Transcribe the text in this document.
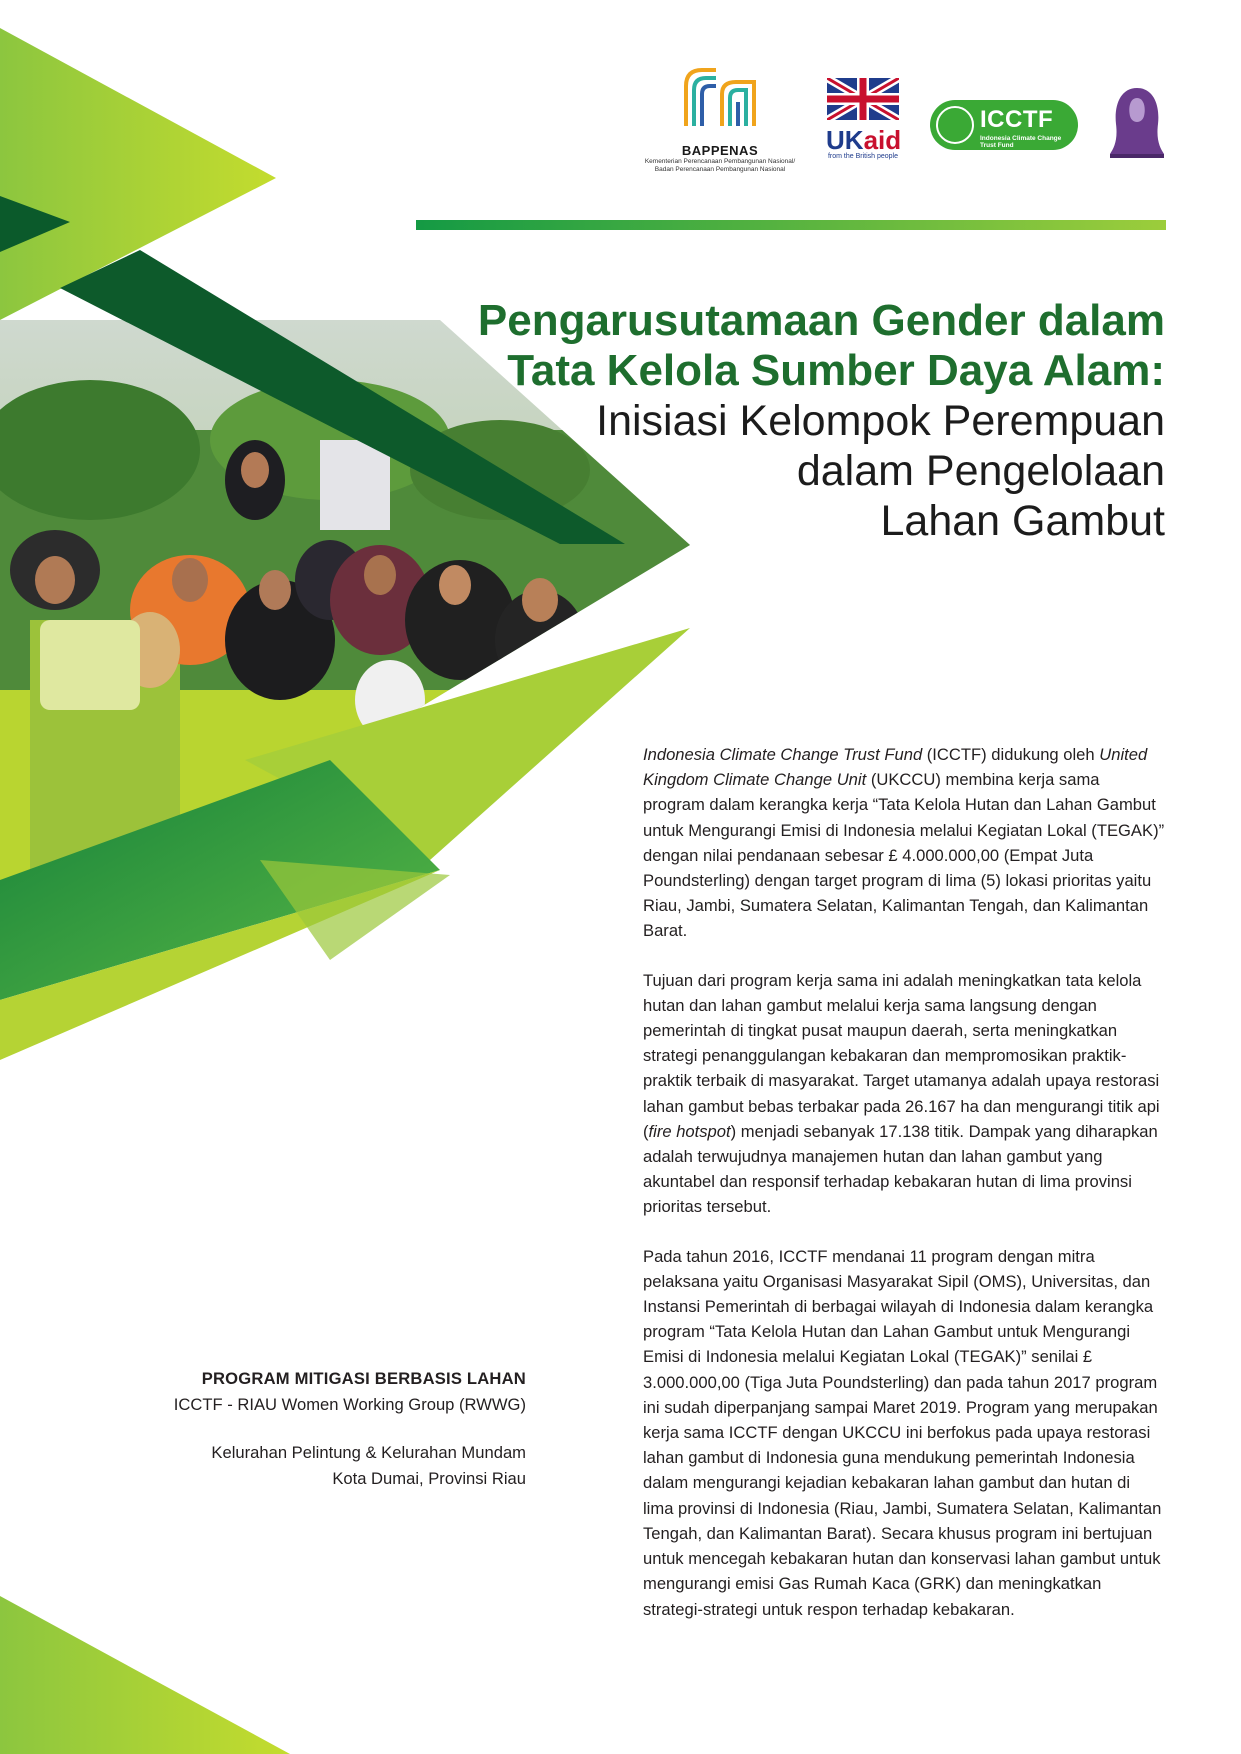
BAPPENAS
Kementerian Perencanaan Pembangunan Nasional/
Badan Perencanaan Pembangunan Nasional
UKaid
from the British people
ICCTF
Indonesia Climate Change Trust Fund
Pengarusutamaan Gender dalam
Tata Kelola Sumber Daya Alam:
Inisiasi Kelompok Perempuan
dalam Pengelolaan
Lahan Gambut

Indonesia Climate Change Trust Fund (ICCTF) didukung oleh United Kingdom Climate Change Unit (UKCCU) membina kerja sama program dalam kerangka kerja “Tata Kelola Hutan dan Lahan Gambut untuk Mengurangi Emisi di Indonesia melalui Kegiatan Lokal (TEGAK)” dengan nilai pendanaan sebesar £ 4.000.000,00 (Empat Juta Poundsterling) dengan target program di lima (5) lokasi prioritas yaitu Riau, Jambi, Sumatera Selatan, Kalimantan Tengah, dan Kalimantan Barat.

Tujuan dari program kerja sama ini adalah meningkatkan tata kelola hutan dan lahan gambut melalui kerja sama langsung dengan pemerintah di tingkat pusat maupun daerah, serta meningkatkan strategi penanggulangan kebakaran dan mempromosikan praktik-praktik terbaik di masyarakat. Target utamanya adalah upaya restorasi lahan gambut bebas terbakar pada 26.167 ha dan mengurangi titik api (fire hotspot) menjadi sebanyak 17.138 titik. Dampak yang diharapkan adalah terwujudnya manajemen hutan dan lahan gambut yang akuntabel dan responsif terhadap kebakaran hutan di lima provinsi prioritas tersebut.

Pada tahun 2016, ICCTF mendanai 11 program dengan mitra pelaksana yaitu Organisasi Masyarakat Sipil (OMS), Universitas, dan Instansi Pemerintah di berbagai wilayah di Indonesia dalam kerangka program “Tata Kelola Hutan dan Lahan Gambut untuk Mengurangi Emisi di Indonesia melalui Kegiatan Lokal (TEGAK)” senilai £ 3.000.000,00 (Tiga Juta Poundsterling) dan pada tahun 2017 program ini sudah diperpanjang sampai Maret 2019. Program yang merupakan kerja sama ICCTF dengan UKCCU ini berfokus pada upaya restorasi lahan gambut di Indonesia guna mendukung pemerintah Indonesia dalam mengurangi kejadian kebakaran lahan gambut dan hutan di lima provinsi di Indonesia (Riau, Jambi, Sumatera Selatan, Kalimantan Tengah, dan Kalimantan Barat). Secara khusus program ini bertujuan untuk mencegah kebakaran hutan dan konservasi lahan gambut untuk mengurangi emisi Gas Rumah Kaca (GRK) dan meningkatkan strategi-strategi untuk respon terhadap kebakaran.

PROGRAM MITIGASI BERBASIS LAHAN
ICCTF - RIAU Women Working Group (RWWG)
Kelurahan Pelintung & Kelurahan Mundam
Kota Dumai, Provinsi Riau
